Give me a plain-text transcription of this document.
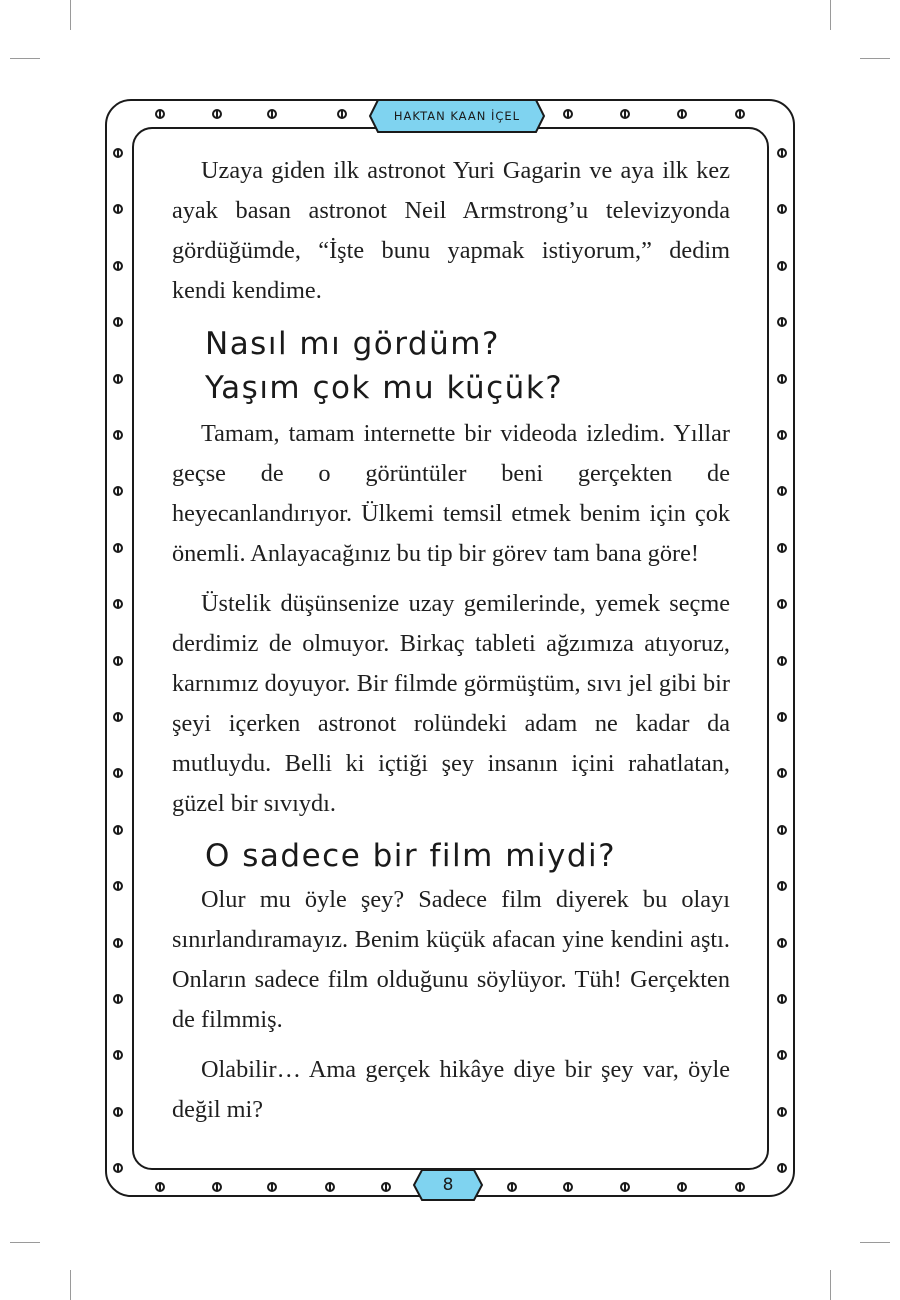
HAKTAN KAAN İÇEL

Uzaya giden ilk astronot Yuri Gagarin ve aya ilk kez ayak basan astronot Neil Armstrong’u televizyonda gördüğümde, “İşte bunu yapmak istiyorum,” dedim kendi kendime.

Nasıl mı gördüm?
Yaşım çok mu küçük?

Tamam, tamam internette bir videoda izledim. Yıllar geçse de o görüntüler beni gerçekten de heyecanlandırıyor. Ülkemi temsil etmek benim için çok önemli. Anlayacağınız bu tip bir görev tam bana göre!

Üstelik düşünsenize uzay gemilerinde, yemek seçme derdimiz de olmuyor. Birkaç tableti ağzımıza atıyoruz, karnımız doyuyor. Bir filmde görmüştüm, sıvı jel gibi bir şeyi içerken astronot rolündeki adam ne kadar da mutluydu. Belli ki içtiği şey insanın içini rahatlatan, güzel bir sıvıydı.

O sadece bir film miydi?

Olur mu öyle şey? Sadece film diyerek bu olayı sınırlandıramayız. Benim küçük afacan yine kendini aştı. Onların sadece film olduğunu söylüyor. Tüh! Gerçekten de filmmiş.

Olabilir… Ama gerçek hikâye diye bir şey var, öyle değil mi?

8
